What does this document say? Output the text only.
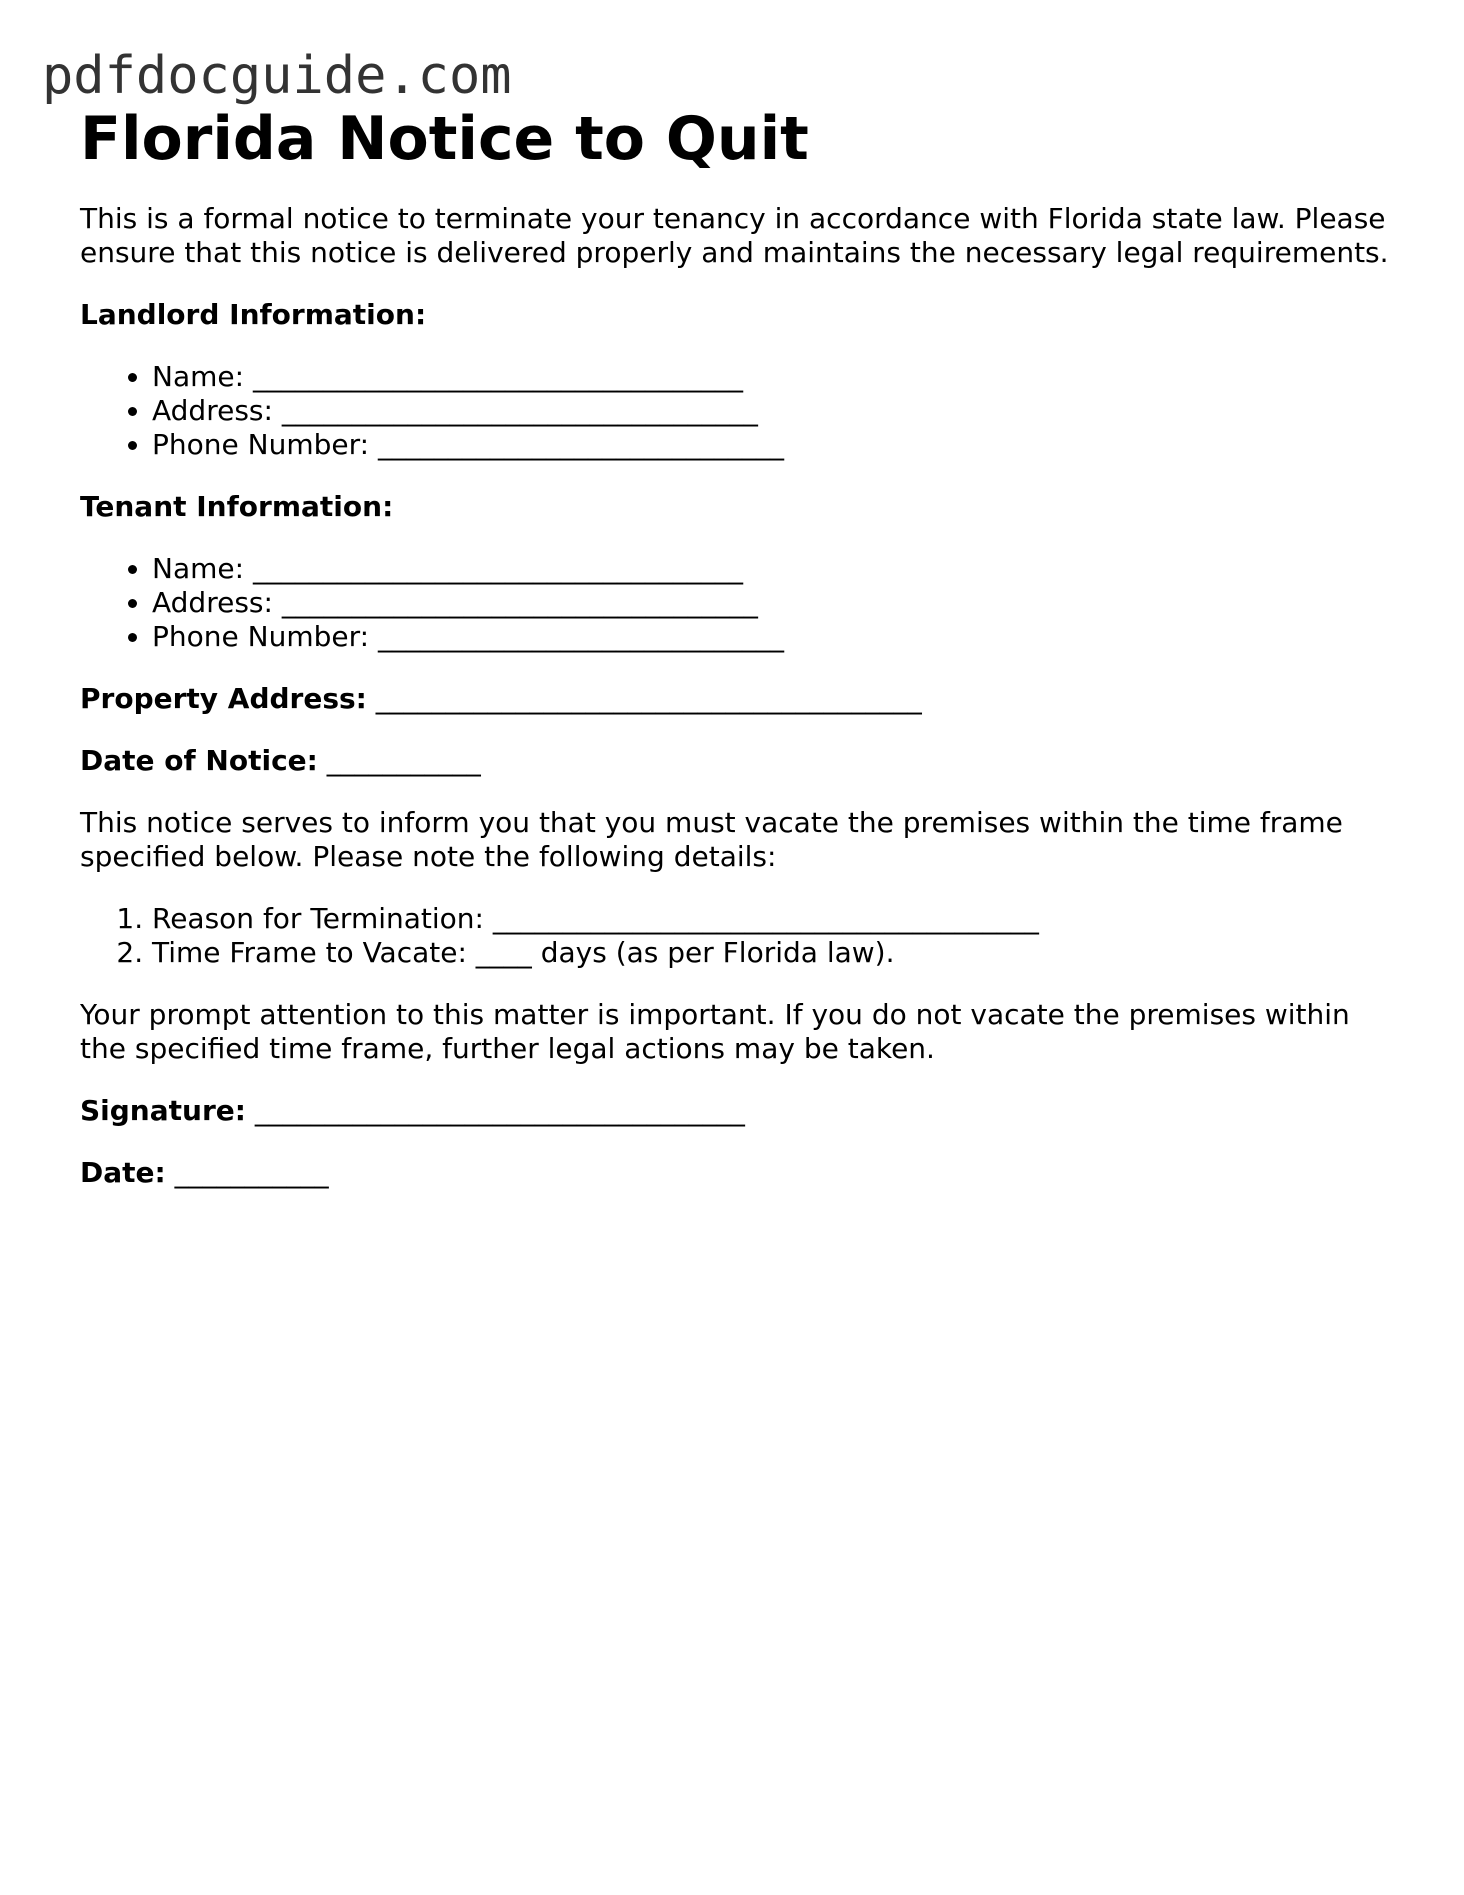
pdfdocguide.com
Florida Notice to Quit

This is a formal notice to terminate your tenancy in accordance with Florida state law. Please ensure that this notice is delivered properly and maintains the necessary legal requirements.

Landlord Information:

• Name: ___________________________________
• Address: __________________________________
• Phone Number: _____________________________

Tenant Information:

• Name: ___________________________________
• Address: __________________________________
• Phone Number: _____________________________

Property Address: _______________________________________

Date of Notice: ___________

This notice serves to inform you that you must vacate the premises within the time frame specified below. Please note the following details:

1. Reason for Termination: _______________________________________
2. Time Frame to Vacate: ____ days (as per Florida law).

Your prompt attention to this matter is important. If you do not vacate the premises within the specified time frame, further legal actions may be taken.

Signature: ___________________________________

Date: ___________
